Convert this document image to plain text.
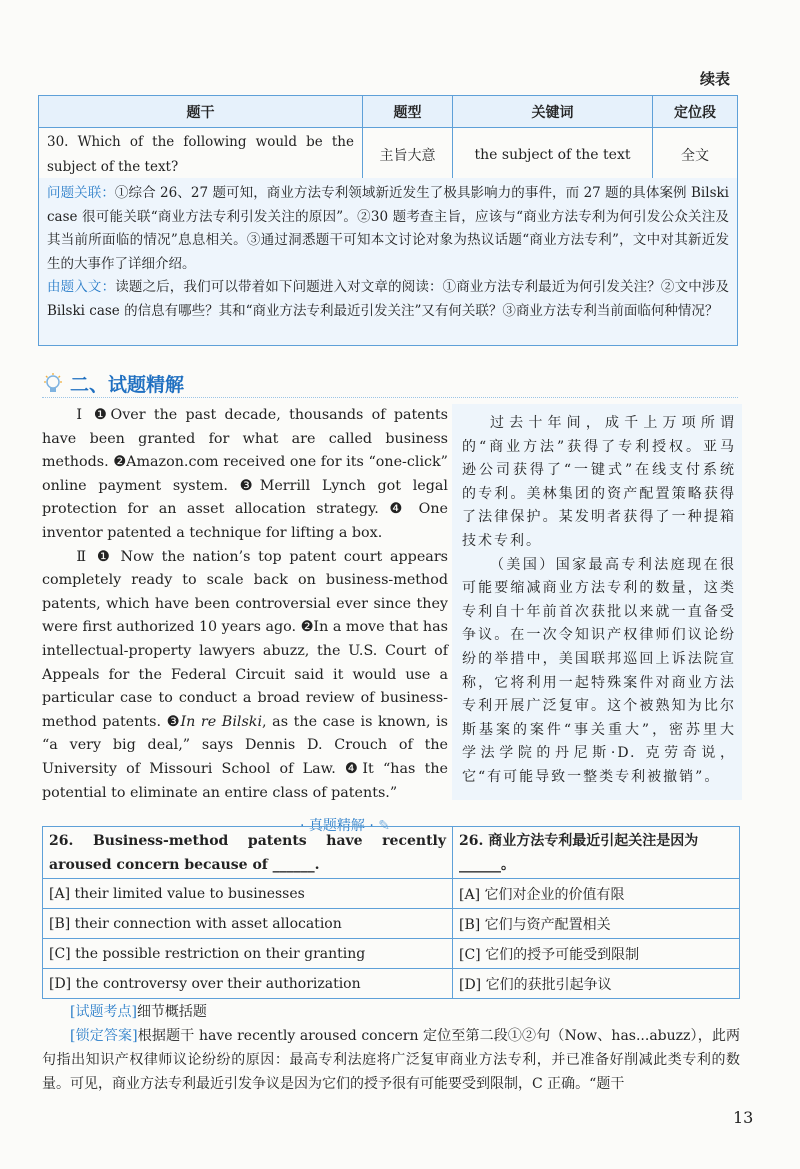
续表
题干	题型	关键词	定位段
30. Which of the following would be the subject of the text?	主旨大意	the subject of the text	全文
问题关联：①综合 26、27 题可知，商业方法专利领域新近发生了极具影响力的事件，而 27 题的具体案例 Bilski case 很可能关联“商业方法专利引发关注的原因”。②30 题考查主旨，应该与“商业方法专利为何引发公众关注及其当前所面临的情况”息息相关。③通过洞悉题干可知本文讨论对象为热议话题“商业方法专利”，文中对其新近发生的大事作了详细介绍。
由题入文：读题之后，我们可以带着如下问题进入对文章的阅读：①商业方法专利最近为何引发关注？②文中涉及 Bilski case 的信息有哪些？其和“商业方法专利最近引发关注”又有何关联？③商业方法专利当前面临何种情况？
二、试题精解

Ⅰ ❶Over the past decade, thousands of patents have been granted for what are called business methods. ❷Amazon.com received one for its “one-click” online payment system. ❸Merrill Lynch got legal protection for an asset allocation strategy. ❹ One inventor patented a technique for lifting a box.

Ⅱ ❶ Now the nation’s top patent court appears completely ready to scale back on business-method patents, which have been controversial ever since they were first authorized 10 years ago. ❷In a move that has intellectual-property lawyers abuzz, the U.S. Court of Appeals for the Federal Circuit said it would use a particular case to conduct a broad review of business-method patents. ❸In re Bilski, as the case is known, is “a very big deal,” says Dennis D. Crouch of the University of Missouri School of Law. ❹It “has the potential to eliminate an entire class of patents.”

过去十年间，成千上万项所谓的“商业方法”获得了专利授权。亚马逊公司获得了“一键式”在线支付系统的专利。美林集团的资产配置策略获得了法律保护。某发明者获得了一种提箱技术专利。

（美国）国家最高专利法庭现在很可能要缩减商业方法专利的数量，这类专利自十年前首次获批以来就一直备受争议。在一次令知识产权律师们议论纷纷的举措中，美国联邦巡回上诉法院宣称，它将利用一起特殊案件对商业方法专利开展广泛复审。这个被熟知为比尔斯基案的案件“事关重大”，密苏里大学法学院的丹尼斯·D. 克劳奇说，它“有可能导致一整类专利被撤销”。

· 真题精解 · ✎
26. Business-method patents have recently aroused concern because of ______.	26. 商业方法专利最近引起关注是因为______。
[A] their limited value to businesses	[A] 它们对企业的价值有限
[B] their connection with asset allocation	[B] 它们与资产配置相关
[C] the possible restriction on their granting	[C] 它们的授予可能受到限制
[D] the controversy over their authorization	[D] 它们的获批引起争议
[试题考点]细节概括题
[锁定答案]根据题干 have recently aroused concern 定位至第二段①②句（Now、has...abuzz），此两句指出知识产权律师议论纷纷的原因：最高专利法庭将广泛复审商业方法专利，并已准备好削减此类专利的数量。可见，商业方法专利最近引发争议是因为它们的授予很有可能要受到限制，C 正确。“题干
13
